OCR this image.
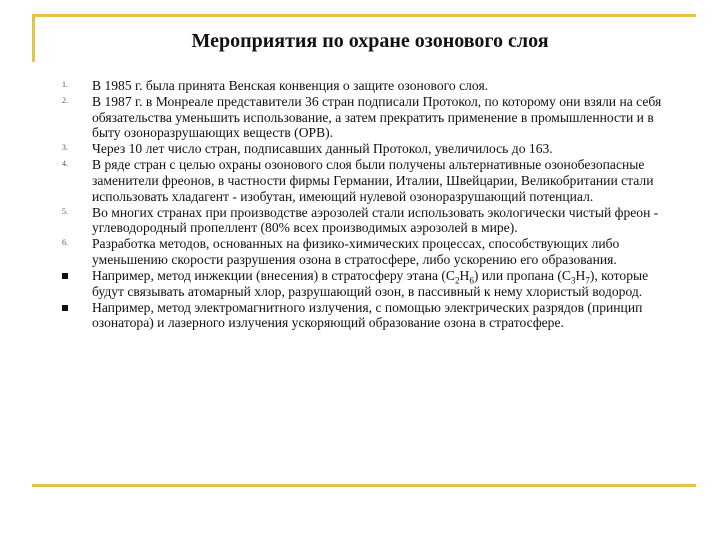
Мероприятия по охране озонового слоя
1.	В 1985 г. была принята Венская конвенция о защите озонового слоя.
2.	В 1987 г. в Монреале представители 36 стран подписали Протокол, по которому они взяли на себя обязательства уменьшить использование, а затем прекратить применение в промышленности и в быту озоноразрушающих веществ (ОРВ).
3.	Через 10 лет число стран, подписавших данный Протокол, увеличилось до 163.
4.	В ряде стран с целью охраны озонового слоя были получены альтернативные озонобезопасные заменители фреонов, в частности фирмы Германии, Италии, Швейцарии, Великобритании стали использовать хладагент - изобутан, имеющий нулевой озоноразрушающий потенциал.
5.	Во многих странах при производстве аэрозолей стали использовать экологически чистый фреон - углеводородный пропеллент (80% всех производимых аэрозолей в мире).
6.	Разработка методов, основанных на физико-химических процессах, способствующих либо уменьшению скорости разрушения озона в стратосфере, либо ускорению его образования.
Например, метод инжекции (внесения) в стратосферу этана $(C_2H_6)$ или пропана $(C_3H_7)$, которые будут связывать атомарный хлор, разрушающий озон, в пассивный к нему хлористый водород.
Например, метод электромагнитного излучения, с помощью электрических разрядов (принцип озонатора) и лазерного излучения ускоряющий образование озона в стратосфере.
